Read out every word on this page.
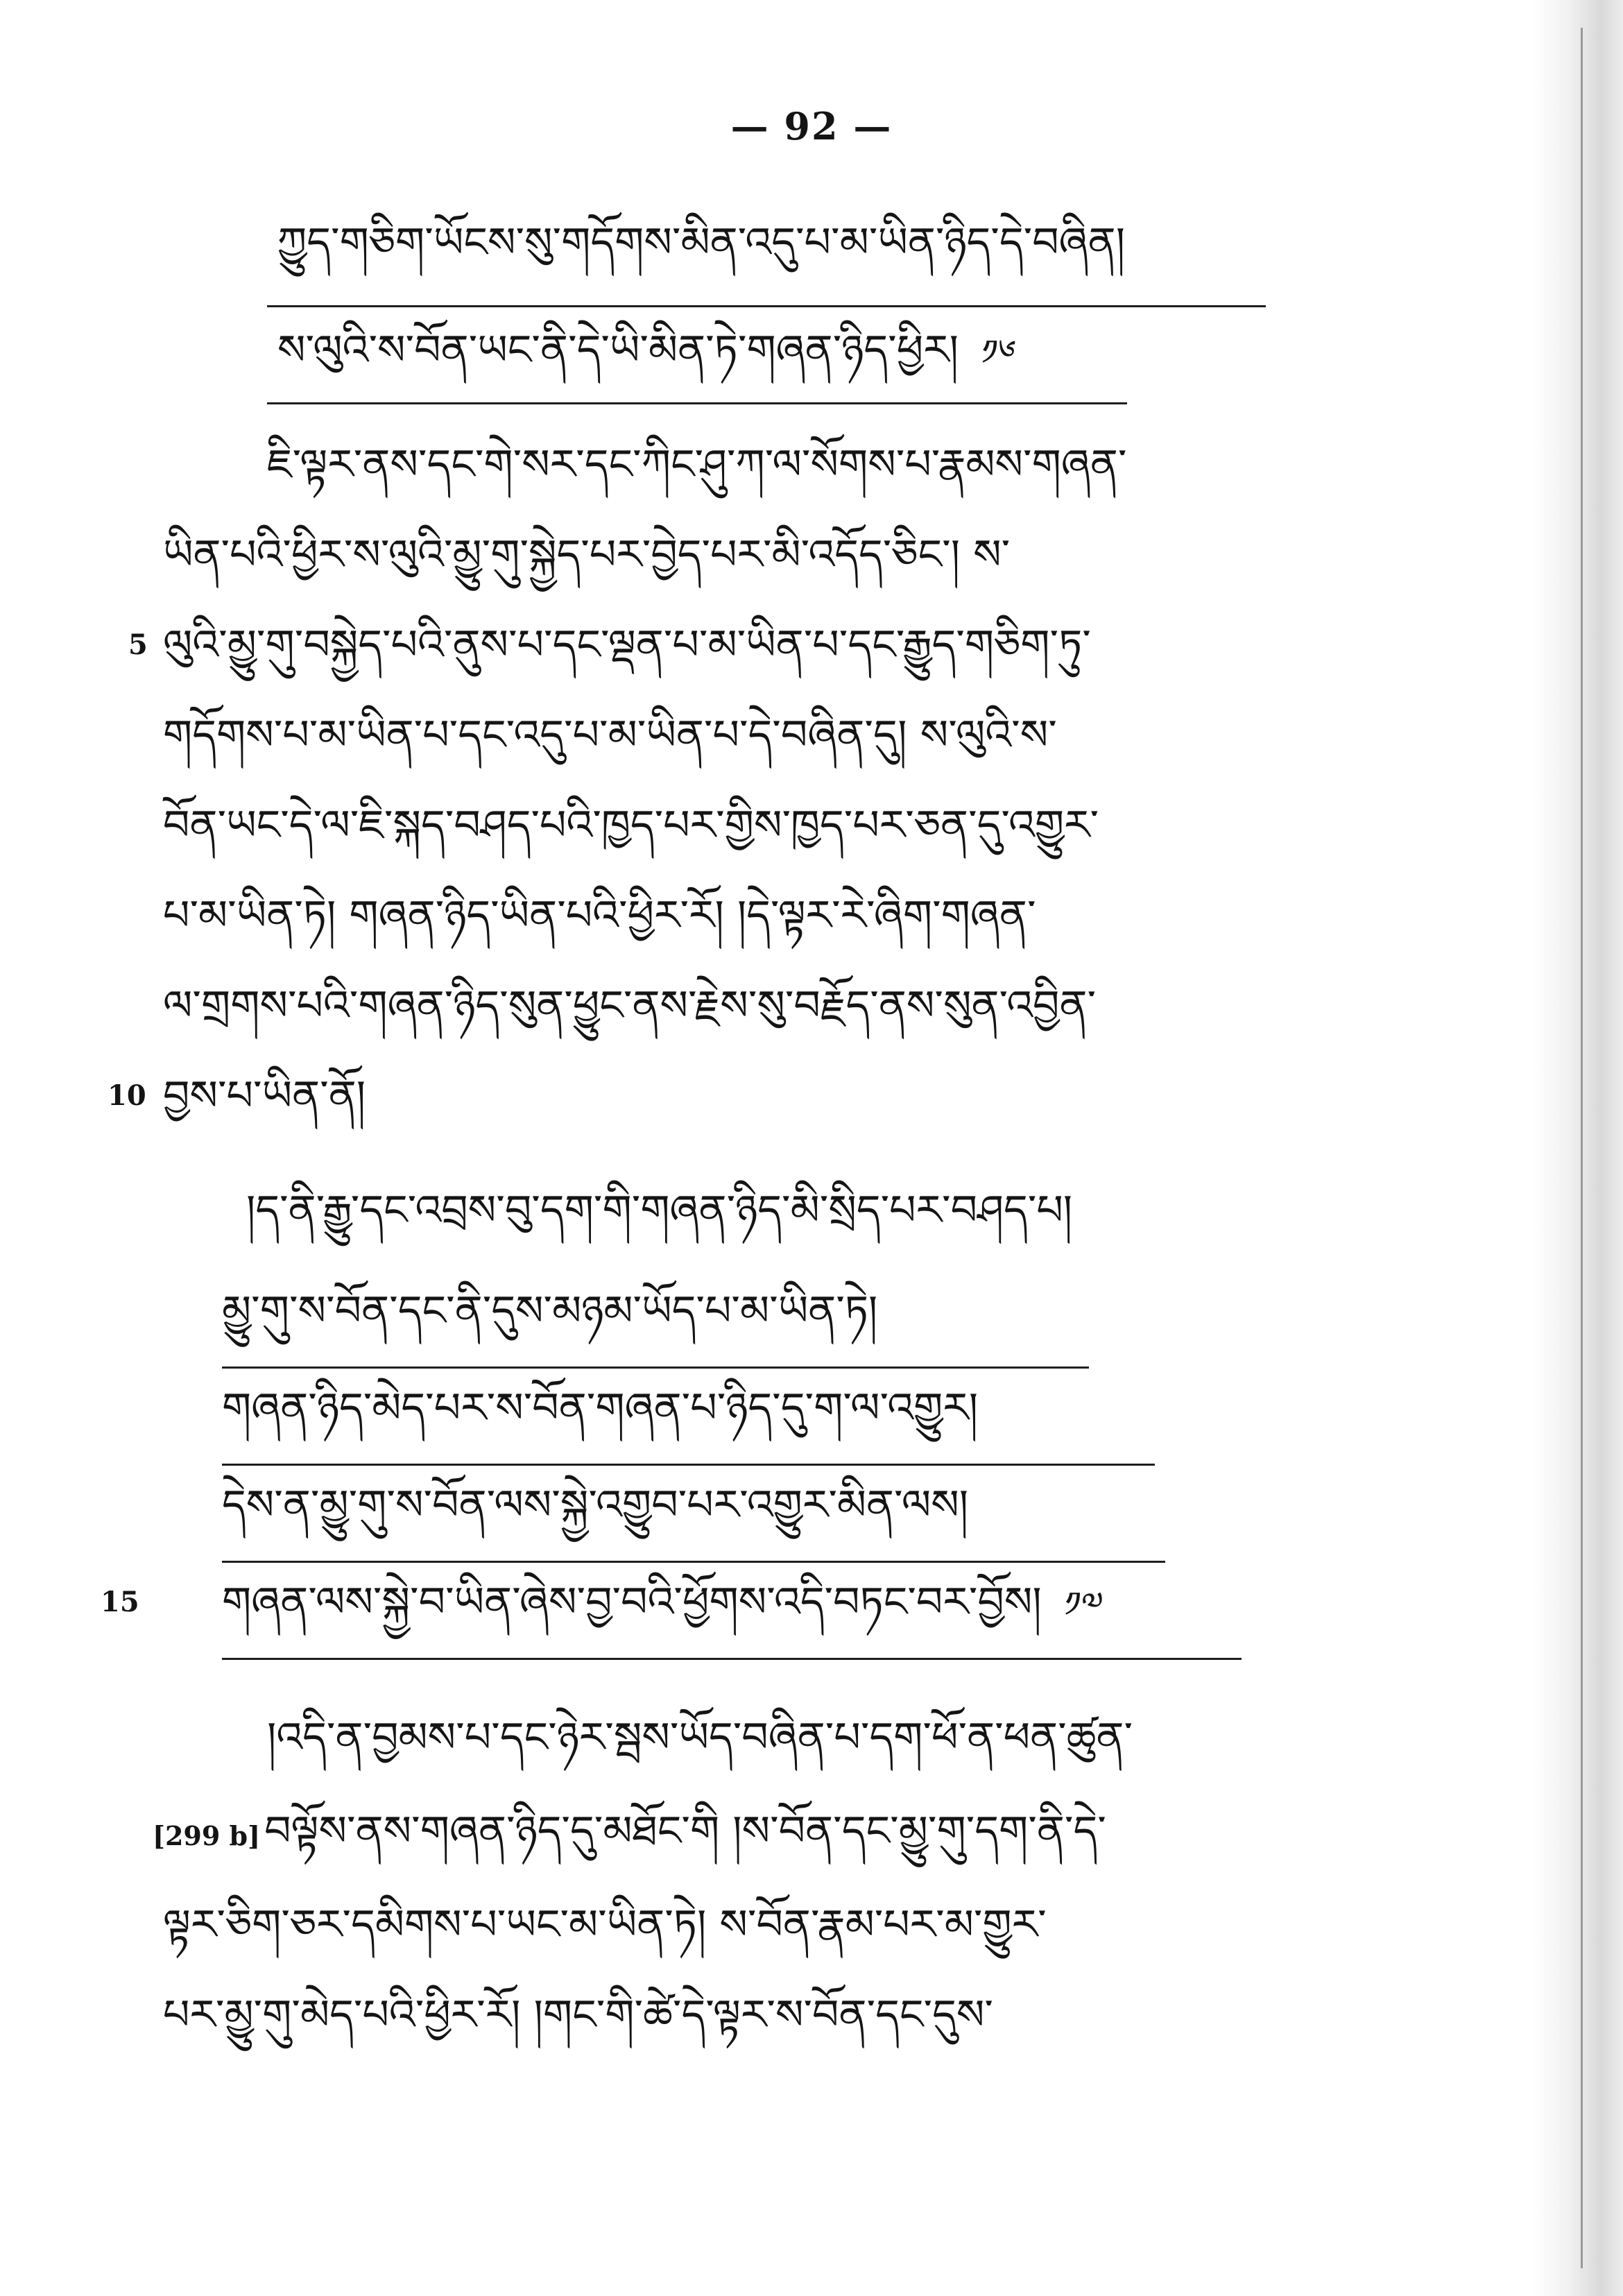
— 92 —
ཀྱུད་གཅིག་ཡོངས་སུ་གདོགས་མིན་འདུ་པ་མ་ཡིན་ཉིད་དེ་བཞིན།
ས་ལུའི་ས་བོན་ཡང་ནི་དེ་ཡི་མིན་ཏེ་གཞན་ཉིད་ཕྱིར། ༡༦
ཇི་ལྟར་ནས་དང་གེ་སར་དང་ཀིང་ཤུ་ཀ་ལ་སོགས་པ་རྣམས་གཞན་
ཡིན་པའི་ཕྱིར་ས་ལུའི་མྱུ་གུ་སྐྱེད་པར་བྱེད་པར་མི་འདོད་ཅིང་། ས་
5 ལུའི་མྱུ་གུ་བསྐྱེད་པའི་ནུས་པ་དང་ལྡན་པ་མ་ཡིན་པ་དང་རྒྱུད་གཅིག་ཏུ་
གདོགས་པ་མ་ཡིན་པ་དང་འདུ་པ་མ་ཡིན་པ་དེ་བཞིན་དུ། ས་ལུའི་ས་
བོན་ཡང་དེ་ལ་ཇི་སྐད་བཤད་པའི་ཁྱད་པར་གྱིས་ཁྱད་པར་ཅན་དུ་འགྱུར་
པ་མ་ཡིན་ཏེ། གཞན་ཉིད་ཡིན་པའི་ཕྱིར་རོ། །དེ་ལྟར་རེ་ཞིག་གཞན་
ལ་གྲགས་པའི་གཞན་ཉིད་སུན་ཕྱུང་ནས་རྗེས་སུ་བརྗོད་ནས་སུན་འབྱིན་
10 བྱས་པ་ཡིན་ནོ།
།ད་ནི་རྒྱུ་དང་འབྲས་བུ་དག་གི་གཞན་ཉིད་མི་སྲིད་པར་བཤད་པ།
མྱུ་གུ་ས་བོན་དང་ནི་དུས་མཉམ་ཡོད་པ་མ་ཡིན་ཏེ།
གཞན་ཉིད་མེད་པར་ས་བོན་གཞན་པ་ཉིད་དུ་ག་ལ་འགྱུར།
དེས་ན་མྱུ་གུ་ས་བོན་ལས་སྐྱེ་འགྱུབ་པར་འགྱུར་མིན་ལས།
15 གཞན་ལས་སྐྱེ་བ་ཡིན་ཞེས་བྱ་བའི་ཕྱོགས་འདི་བཏང་བར་བྱོས། ༡༧
།འདི་ན་བྱམས་པ་དང་ཉེར་སྦས་ཡོད་བཞིན་པ་དག་ཕོ་ན་ཕན་ཚུན་
[299 b] བལྟོས་ནས་གཞན་ཉིད་དུ་མཐོང་གི །ས་བོན་དང་མྱུ་གུ་དག་ནི་དེ་
ལྟར་ཅིག་ཅར་དམིགས་པ་ཡང་མ་ཡིན་ཏེ། ས་བོན་རྣམ་པར་མ་གྱུར་
པར་མྱུ་གུ་མེད་པའི་ཕྱིར་རོ། །གང་གི་ཚེ་དེ་ལྟར་ས་བོན་དང་དུས་
